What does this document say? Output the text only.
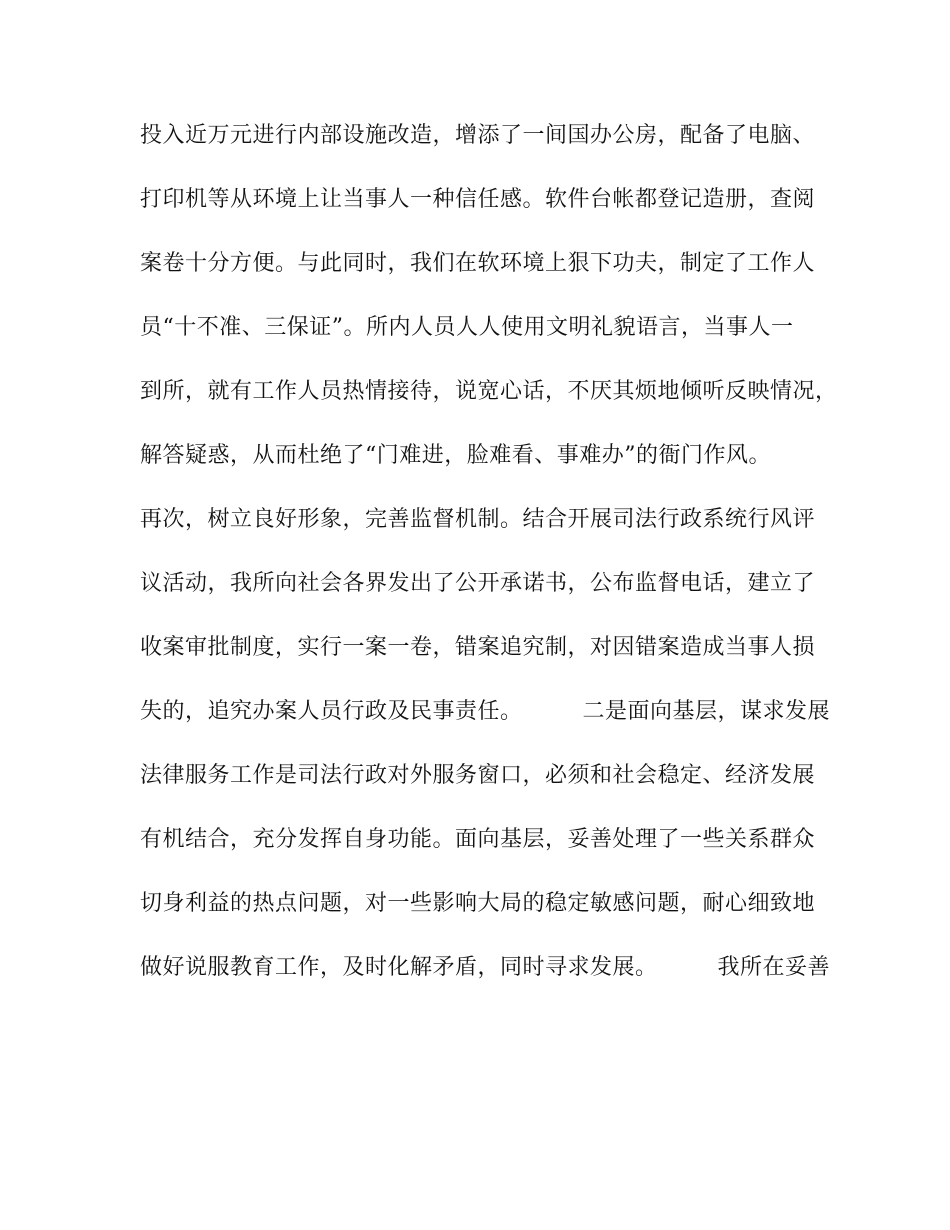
投入近万元进行内部设施改造，增添了一间国办公房，配备了电脑、
打印机等从环境上让当事人一种信任感。软件台帐都登记造册，查阅
案卷十分方便。与此同时，我们在软环境上狠下功夫，制定了工作人
员“十不准、三保证”。所内人员人人使用文明礼貌语言，当事人一
到所，就有工作人员热情接待，说宽心话，不厌其烦地倾听反映情况，
解答疑惑，从而杜绝了“门难进，脸难看、事难办”的衙门作风。
再次，树立良好形象，完善监督机制。结合开展司法行政系统行风评
议活动，我所向社会各界发出了公开承诺书，公布监督电话，建立了
收案审批制度，实行一案一卷，错案追究制，对因错案造成当事人损
失的，追究办案人员行政及民事责任。        二是面向基层，谋求发展
法律服务工作是司法行政对外服务窗口，必须和社会稳定、经济发展
有机结合，充分发挥自身功能。面向基层，妥善处理了一些关系群众
切身利益的热点问题，对一些影响大局的稳定敏感问题，耐心细致地
做好说服教育工作，及时化解矛盾，同时寻求发展。        我所在妥善
